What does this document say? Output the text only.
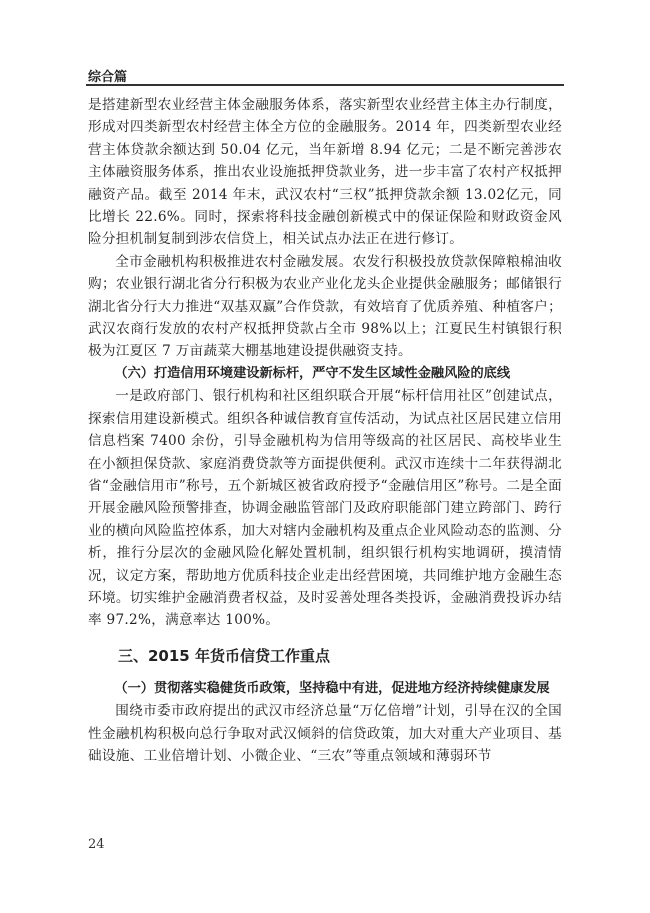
综合篇

是搭建新型农业经营主体金融服务体系，落实新型农业经营主体主办行制度，形成对四类新型农村经营主体全方位的金融服务。2014 年，四类新型农业经营主体贷款余额达到 50.04 亿元，当年新增 8.94 亿元；二是不断完善涉农主体融资服务体系，推出农业设施抵押贷款业务，进一步丰富了农村产权抵押融资产品。截至 2014 年末，武汉农村“三权”抵押贷款余额 13.02亿元，同比增长 22.6%。同时，探索将科技金融创新模式中的保证保险和财政资金风险分担机制复制到涉农信贷上，相关试点办法正在进行修订。

全市金融机构积极推进农村金融发展。农发行积极投放贷款保障粮棉油收购；农业银行湖北省分行积极为农业产业化龙头企业提供金融服务；邮储银行湖北省分行大力推进“双基双赢”合作贷款，有效培育了优质养殖、种植客户；武汉农商行发放的农村产权抵押贷款占全市 98%以上；江夏民生村镇银行积极为江夏区 7 万亩蔬菜大棚基地建设提供融资支持。

（六）打造信用环境建设新标杆，严守不发生区域性金融风险的底线

一是政府部门、银行机构和社区组织联合开展“标杆信用社区”创建试点，探索信用建设新模式。组织各种诚信教育宣传活动，为试点社区居民建立信用信息档案 7400 余份，引导金融机构为信用等级高的社区居民、高校毕业生在小额担保贷款、家庭消费贷款等方面提供便利。武汉市连续十二年获得湖北省“金融信用市”称号，五个新城区被省政府授予“金融信用区”称号。二是全面开展金融风险预警排查，协调金融监管部门及政府职能部门建立跨部门、跨行业的横向风险监控体系，加大对辖内金融机构及重点企业风险动态的监测、分析，推行分层次的金融风险化解处置机制，组织银行机构实地调研，摸清情况，议定方案，帮助地方优质科技企业走出经营困境，共同维护地方金融生态环境。切实维护金融消费者权益，及时妥善处理各类投诉，金融消费投诉办结率 97.2%，满意率达 100%。

三、2015 年货币信贷工作重点

（一）贯彻落实稳健货币政策，坚持稳中有进，促进地方经济持续健康发展

围绕市委市政府提出的武汉市经济总量“万亿倍增”计划，引导在汉的全国性金融机构积极向总行争取对武汉倾斜的信贷政策，加大对重大产业项目、基础设施、工业倍增计划、小微企业、“三农”等重点领域和薄弱环节

24
